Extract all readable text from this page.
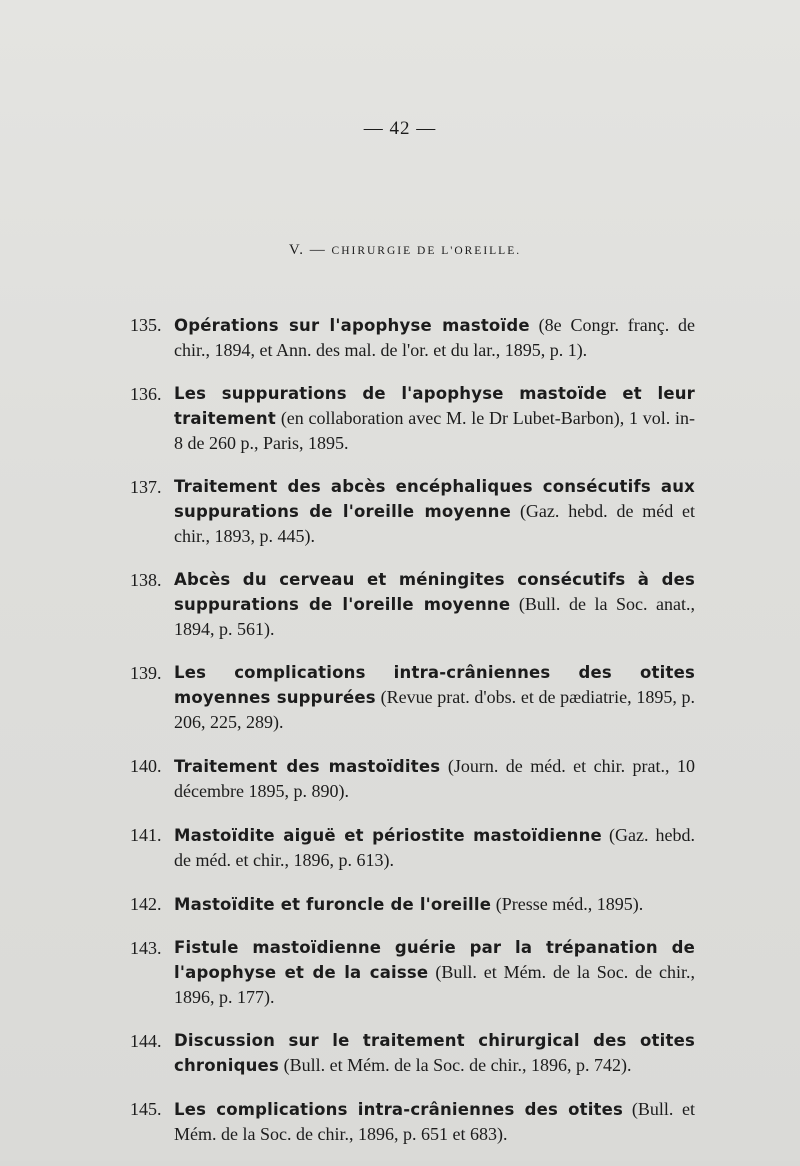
— 42 —
V. — CHIRURGIE DE L'OREILLE.
135. Opérations sur l'apophyse mastoïde (8e Congr. franç. de chir., 1894, et Ann. des mal. de l'or. et du lar., 1895, p. 1).
136. Les suppurations de l'apophyse mastoïde et leur traitement (en collaboration avec M. le Dr Lubet-Barbon), 1 vol. in-8 de 260 p., Paris, 1895.
137. Traitement des abcès encéphaliques consécutifs aux suppurations de l'oreille moyenne (Gaz. hebd. de méd et chir., 1893, p. 445).
138. Abcès du cerveau et méningites consécutifs à des suppurations de l'oreille moyenne (Bull. de la Soc. anat., 1894, p. 561).
139. Les complications intra-crâniennes des otites moyennes suppurées (Revue prat. d'obs. et de pædiatrie, 1895, p. 206, 225, 289).
140. Traitement des mastoïdites (Journ. de méd. et chir. prat., 10 décembre 1895, p. 890).
141. Mastoïdite aiguë et périostite mastoïdienne (Gaz. hebd. de méd. et chir., 1896, p. 613).
142. Mastoïdite et furoncle de l'oreille (Presse méd., 1895).
143. Fistule mastoïdienne guérie par la trépanation de l'apophyse et de la caisse (Bull. et Mém. de la Soc. de chir., 1896, p. 177).
144. Discussion sur le traitement chirurgical des otites chroniques (Bull. et Mém. de la Soc. de chir., 1896, p. 742).
145. Les complications intra-crâniennes des otites (Bull. et Mém. de la Soc. de chir., 1896, p. 651 et 683).
